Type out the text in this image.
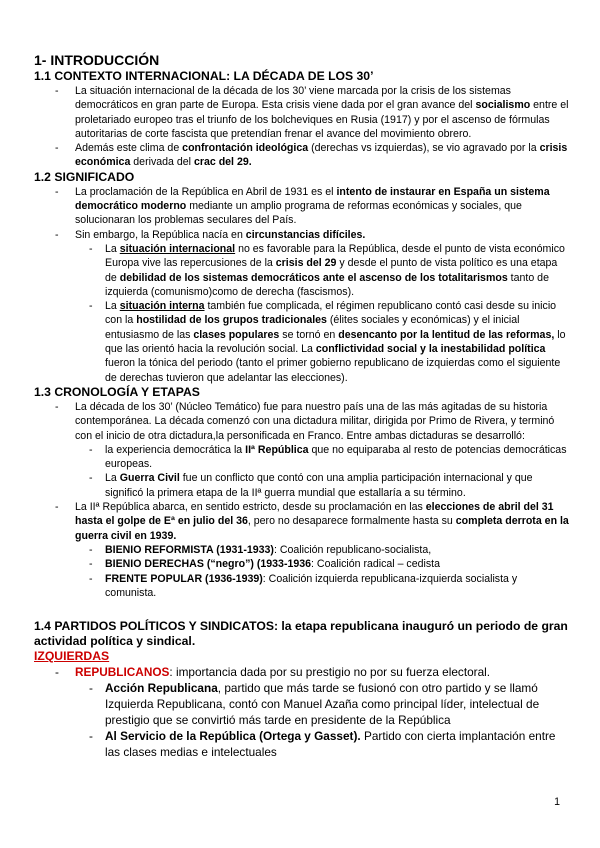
1- INTRODUCCIÓN
1.1 CONTEXTO INTERNACIONAL: LA DÉCADA DE LOS 30’
- La situación internacional de la década de los 30’ viene marcada por la crisis de los sistemas democráticos en gran parte de Europa. Esta crisis viene dada por el gran avance del socialismo entre el proletariado europeo tras el triunfo de los bolcheviques en Rusia (1917) y por el ascenso de fórmulas autoritarias de corte fascista que pretendían frenar el avance del movimiento obrero.
- Además este clima de confrontación ideológica (derechas vs izquierdas), se vio agravado por la crisis económica derivada del crac del 29.
1.2 SIGNIFICADO
- La proclamación de la República en Abril de 1931 es el intento de instaurar en España un sistema democrático moderno mediante un amplio programa de reformas económicas y sociales, que solucionaran los problemas seculares del País.
- Sin embargo, la República nacía en circunstancias difíciles.
- La situación internacional no es favorable para la República, desde el punto de vista económico Europa vive las repercusiones de la crisis del 29 y desde el punto de vista político es una etapa de debilidad de los sistemas democráticos ante el ascenso de los totalitarismos tanto de izquierda (comunismo)como de derecha (fascismos).
- La situación interna también fue complicada, el régimen republicano contó casi desde su inicio con la hostilidad de los grupos tradicionales (élites sociales y económicas) y el inicial entusiasmo de las clases populares se tornó en desencanto por la lentitud de las reformas, lo que las orientó hacia la revolución social. La conflictividad social y la inestabilidad política fueron la tónica del periodo (tanto el primer gobierno republicano de izquierdas como el siguiente de derechas tuvieron que adelantar las elecciones).
1.3 CRONOLOGÍA Y ETAPAS
- La década de los 30’ (Núcleo Temático) fue para nuestro país una de las más agitadas de su historia contemporánea. La década comenzó con una dictadura militar, dirigida por Primo de Rivera, y terminó con el inicio de otra dictadura,la personificada en Franco. Entre ambas dictaduras se desarrolló:
- la experiencia democrática la IIª República que no equiparaba al resto de potencias democráticas europeas.
- La Guerra Civil fue un conflicto que contó con una amplia participación internacional y que significó la primera etapa de la IIª guerra mundial que estallaría a su término.
- La IIª República abarca, en sentido estricto, desde su proclamación en las elecciones de abril del 31 hasta el golpe de Eª en julio del 36, pero no desaparece formalmente hasta su completa derrota en la guerra civil en 1939.
- BIENIO REFORMISTA (1931-1933): Coalición republicano-socialista,
- BIENIO DERECHAS (“negro”) (1933-1936: Coalición radical – cedista
- FRENTE POPULAR (1936-1939): Coalición izquierda republicana-izquierda socialista y comunista.
1.4 PARTIDOS POLÍTICOS Y SINDICATOS: la etapa republicana inauguró un periodo de gran actividad política y sindical.
IZQUIERDAS
- REPUBLICANOS: importancia dada por su prestigio no por su fuerza electoral.
- Acción Republicana, partido que más tarde se fusionó con otro partido y se llamó Izquierda Republicana, contó con Manuel Azaña como principal líder, intelectual de prestigio que se convirtió más tarde en presidente de la República
- Al Servicio de la República (Ortega y Gasset). Partido con cierta implantación entre las clases medias e intelectuales
1
